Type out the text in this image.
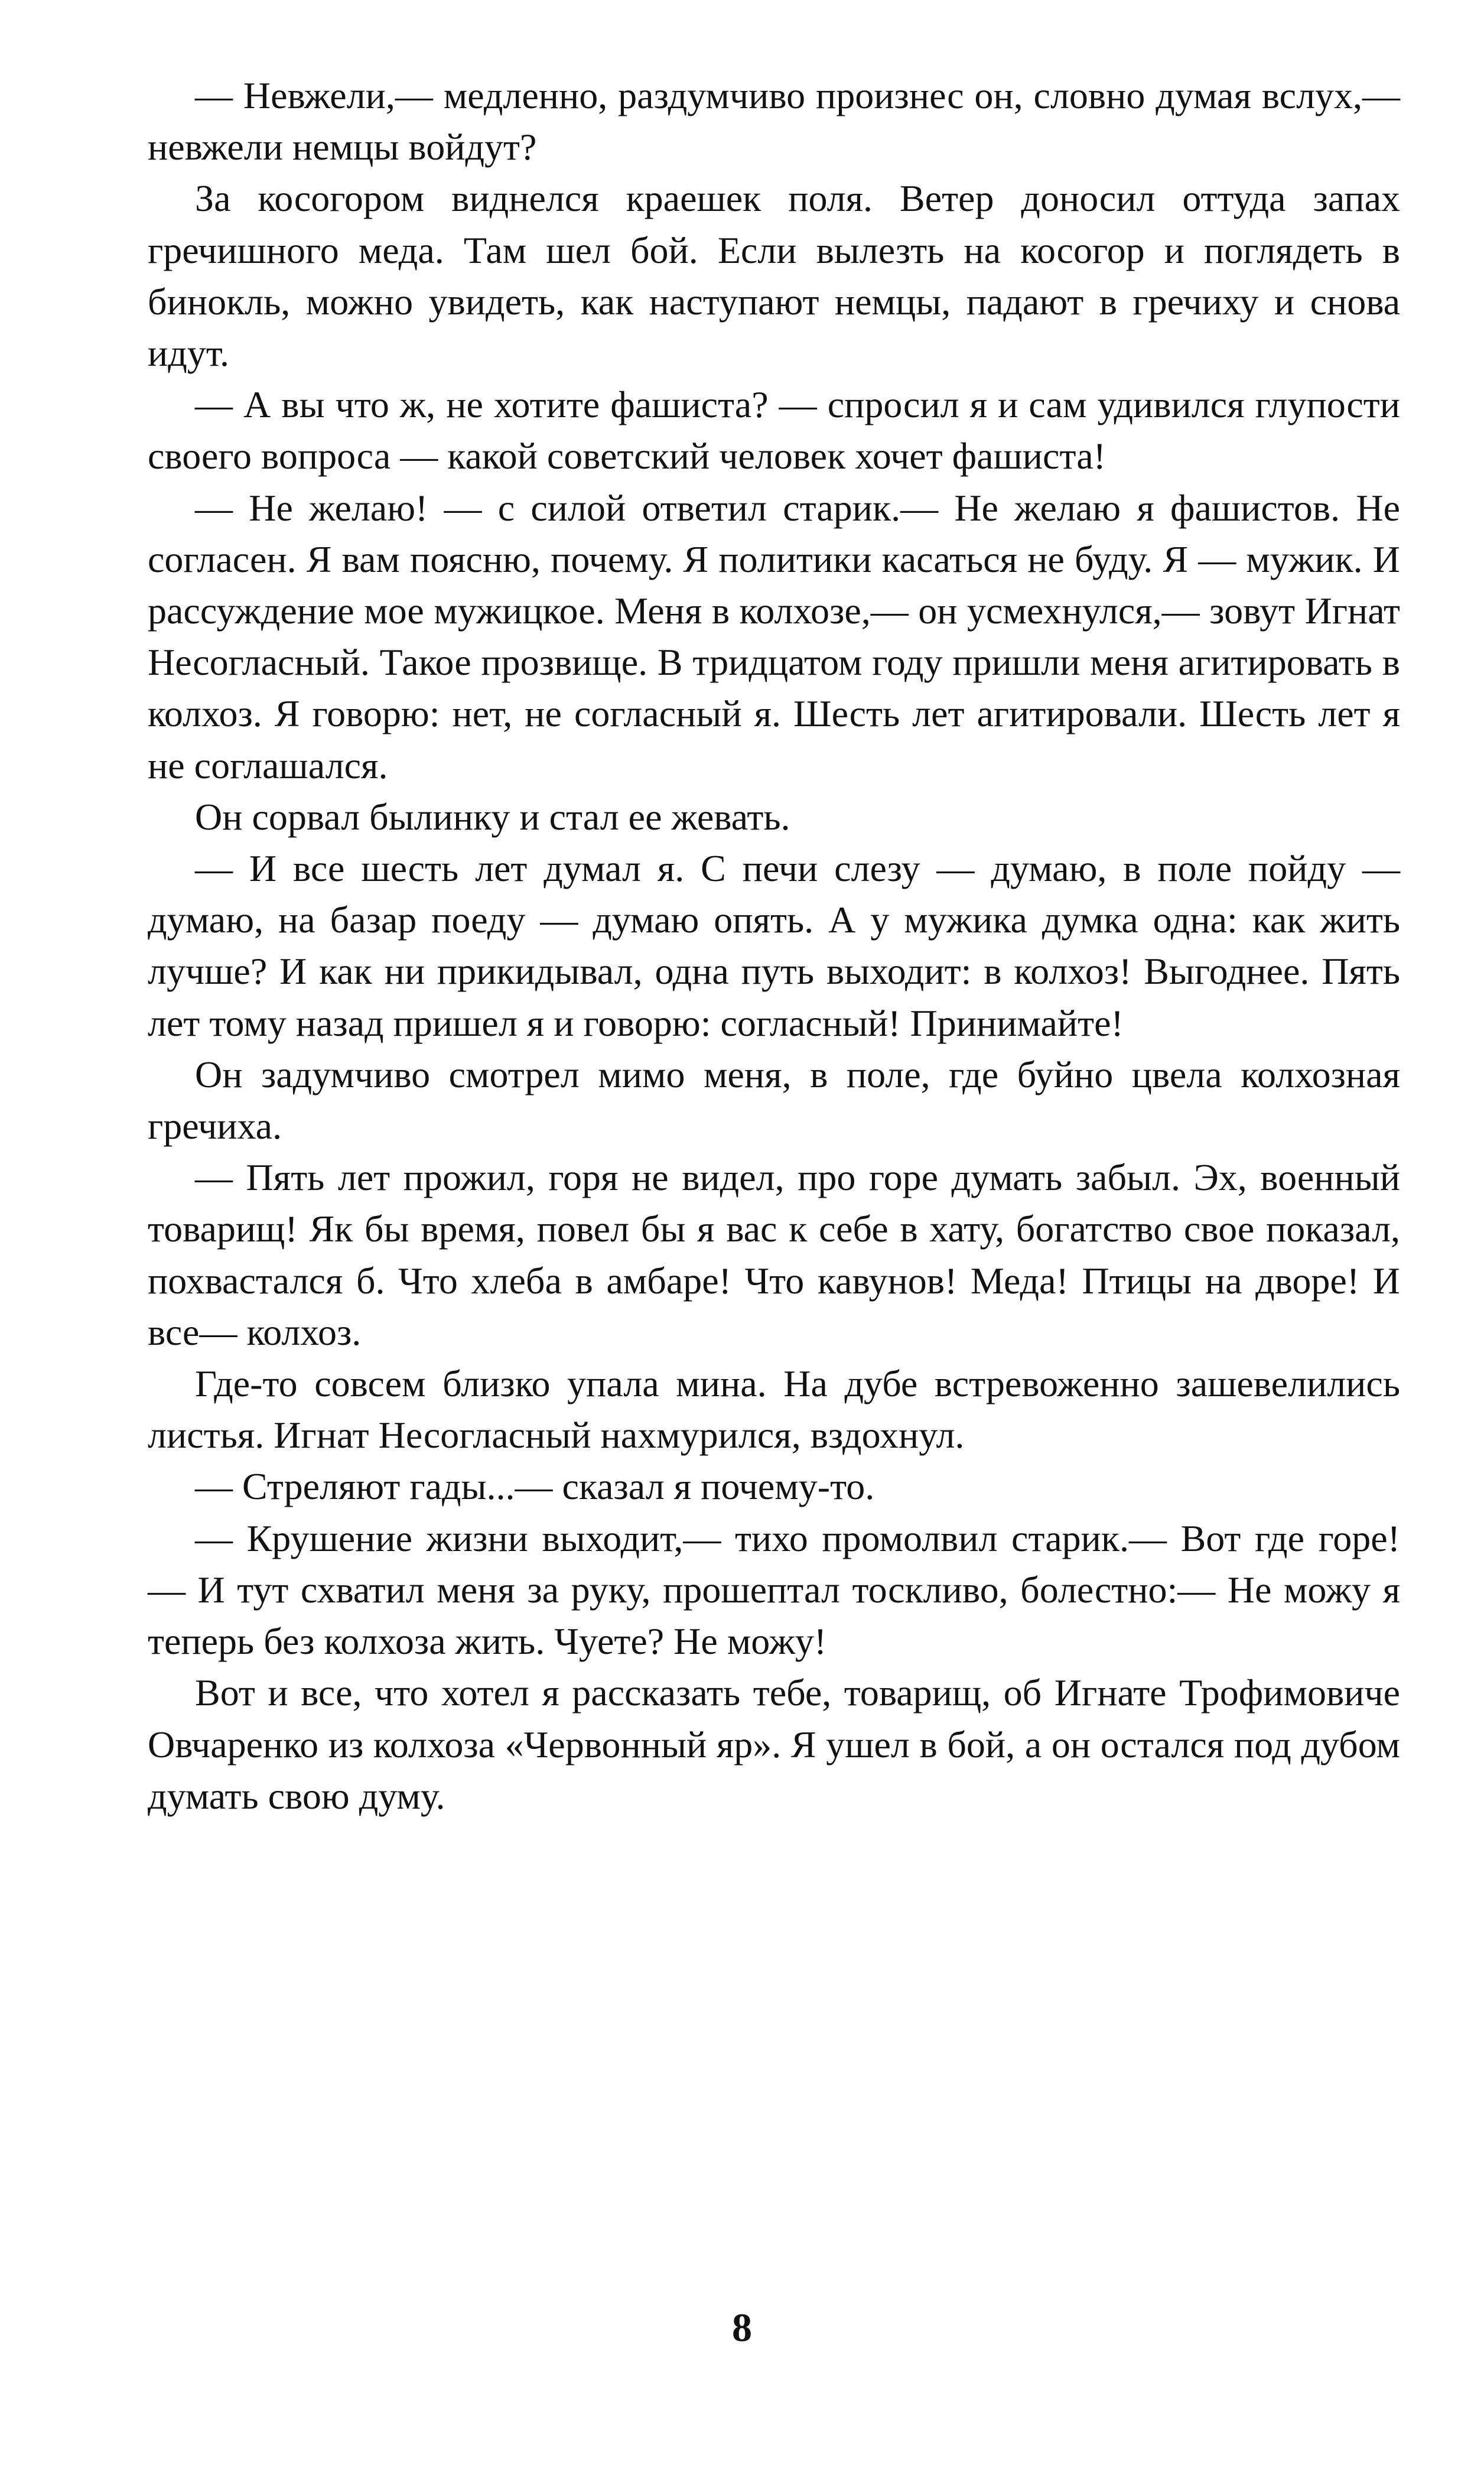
— Невжели,— медленно, раздумчиво произнес он, словно думая вслух,— невжели немцы войдут?

За косогором виднелся краешек поля. Ветер доносил оттуда запах гречишного меда. Там шел бой. Если вылезть на косогор и поглядеть в бинокль, можно увидеть, как наступают немцы, падают в гречиху и снова идут.

— А вы что ж, не хотите фашиста? — спросил я и сам удивился глупости своего вопроса — какой советский человек хочет фашиста!

— Не желаю! — с силой ответил старик.— Не желаю я фашистов. Не согласен. Я вам поясню, почему. Я политики касаться не буду. Я — мужик. И рассуждение мое мужицкое. Меня в колхозе,— он усмехнулся,— зовут Игнат Несогласный. Такое прозвище. В тридцатом году пришли меня агитировать в колхоз. Я говорю: нет, не согласный я. Шесть лет агитировали. Шесть лет я не соглашался.

Он сорвал былинку и стал ее жевать.

— И все шесть лет думал я. С печи слезу — думаю, в поле пойду — думаю, на базар поеду — думаю опять. А у мужика думка одна: как жить лучше? И как ни прикидывал, одна путь выходит: в колхоз! Выгоднее. Пять лет тому назад пришел я и говорю: согласный! Принимайте!

Он задумчиво смотрел мимо меня, в поле, где буйно цвела колхозная гречиха.

— Пять лет прожил, горя не видел, про горе думать забыл. Эх, военный товарищ! Як бы время, повел бы я вас к себе в хату, богатство свое показал, похвастался б. Что хлеба в амбаре! Что кавунов! Меда! Птицы на дворе! И все— колхоз.

Где-то совсем близко упала мина. На дубе встревоженно зашевелились листья. Игнат Несогласный нахмурился, вздохнул.

— Стреляют гады...— сказал я почему-то.

— Крушение жизни выходит,— тихо промолвил старик.— Вот где горе! — И тут схватил меня за руку, прошептал тоскливо, болестно:— Не можу я теперь без колхоза жить. Чуете? Не можу!

Вот и все, что хотел я рассказать тебе, товарищ, об Игнате Трофимовиче Овчаренко из колхоза «Червонный яр». Я ушел в бой, а он остался под дубом думать свою думу.

8
